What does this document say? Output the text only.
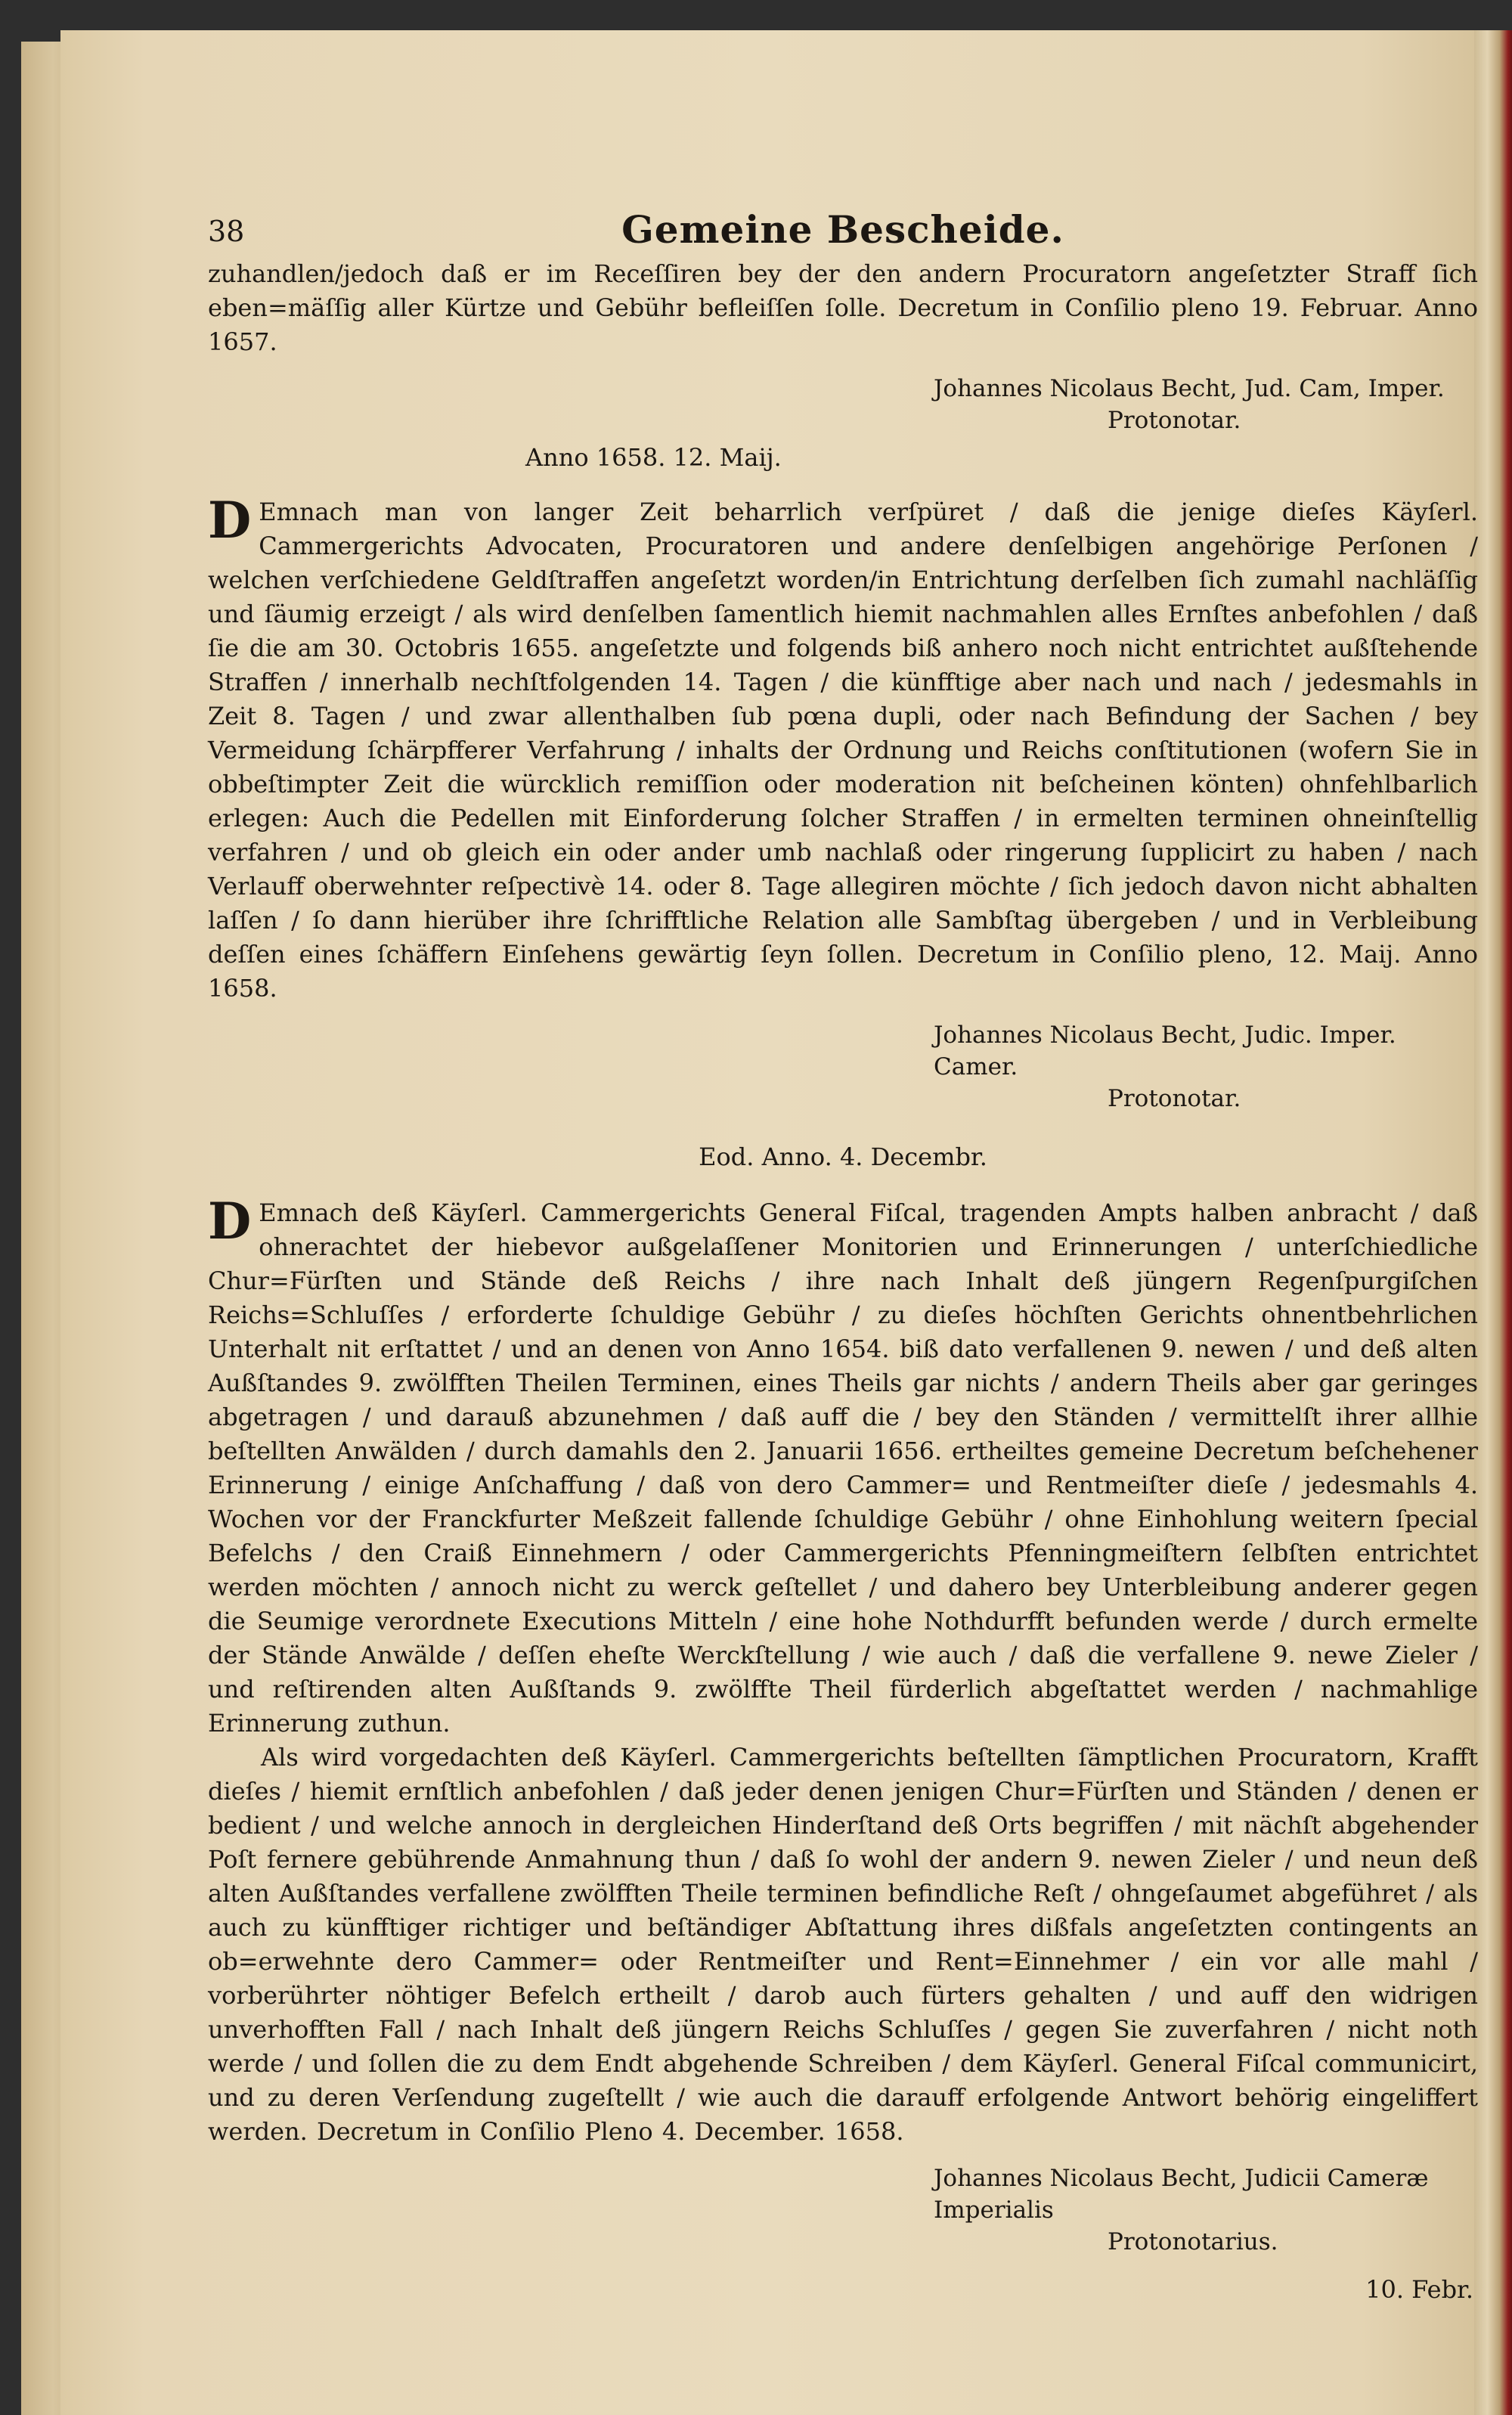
38	Gemeine Bescheide.

zuhandlen/jedoch daß er im Receſſiren bey der den andern Procuratorn angeſetzter Straff ſich eben=mäſſig aller Kürtze und Gebühr befleiſſen ſolle. Decretum in Conſilio pleno 19. Februar. Anno 1657.

Johannes Nicolaus Becht, Jud. Cam, Imper.
Protonotar.
Anno 1658. 12. Maij.

D Emnach man von langer Zeit beharrlich verſpüret / daß die jenige dieſes Käyſerl. Cammergerichts Advocaten, Procuratoren und andere denſelbigen angehörige Perſonen / welchen verſchiedene Geldſtraffen angeſetzt worden/in Entrichtung derſelben ſich zumahl nachläſſig und ſäumig erzeigt / als wird denſelben ſamentlich hiemit nachmahlen alles Ernſtes anbefohlen / daß ſie die am 30. Octobris 1655. angeſetzte und folgends biß anhero noch nicht entrichtet außſtehende Straffen / innerhalb nechſtfolgenden 14. Tagen / die künfftige aber nach und nach / jedesmahls in Zeit 8. Tagen / und zwar allenthalben ſub pœna dupli, oder nach Befindung der Sachen / bey Vermeidung ſchärpfferer Verfahrung / inhalts der Ordnung und Reichs conſtitutionen (wofern Sie in obbeſtimpter Zeit die würcklich remiſſion oder moderation nit beſcheinen könten) ohnfehlbarlich erlegen: Auch die Pedellen mit Einforderung ſolcher Straffen / in ermelten terminen ohneinſtellig verfahren / und ob gleich ein oder ander umb nachlaß oder ringerung ſupplicirt zu haben / nach Verlauff oberwehnter reſpectivè 14. oder 8. Tage allegiren möchte / ſich jedoch davon nicht abhalten laſſen / ſo dann hierüber ihre ſchrifftliche Relation alle Sambſtag übergeben / und in Verbleibung deſſen eines ſchäffern Einſehens gewärtig ſeyn ſollen. Decretum in Conſilio pleno, 12. Maij. Anno 1658.

Johannes Nicolaus Becht, Judic. Imper. Camer.
Protonotar.
Eod. Anno. 4. Decembr.

D Emnach deß Käyſerl. Cammergerichts General Fiſcal, tragenden Ampts halben anbracht / daß ohnerachtet der hiebevor außgelaſſener Monitorien und Erinnerungen / unterſchiedliche Chur=Fürſten und Stände deß Reichs / ihre nach Inhalt deß jüngern Regenſpurgiſchen Reichs=Schluſſes / erforderte ſchuldige Gebühr / zu dieſes höchſten Gerichts ohnentbehrlichen Unterhalt nit erſtattet / und an denen von Anno 1654. biß dato verfallenen 9. newen / und deß alten Außſtandes 9. zwölfften Theilen Terminen, eines Theils gar nichts / andern Theils aber gar geringes abgetragen / und darauß abzunehmen / daß auff die / bey den Ständen / vermittelſt ihrer allhie beſtellten Anwälden / durch damahls den 2. Januarii 1656. ertheiltes gemeine Decretum beſchehener Erinnerung / einige Anſchaffung / daß von dero Cammer= und Rentmeiſter dieſe / jedesmahls 4. Wochen vor der Franckfurter Meßzeit fallende ſchuldige Gebühr / ohne Einhohlung weitern ſpecial Befelchs / den Craiß Einnehmern / oder Cammergerichts Pfenningmeiſtern ſelbſten entrichtet werden möchten / annoch nicht zu werck geſtellet / und dahero bey Unterbleibung anderer gegen die Seumige verordnete Executions Mitteln / eine hohe Nothdurfft befunden werde / durch ermelte der Stände Anwälde / deſſen eheſte Werckſtellung / wie auch / daß die verfallene 9. newe Zieler / und reſtirenden alten Außſtands 9. zwölffte Theil fürderlich abgeſtattet werden / nachmahlige Erinnerung zuthun.

Als wird vorgedachten deß Käyſerl. Cammergerichts beſtellten ſämptlichen Procuratorn, Krafft dieſes / hiemit ernſtlich anbefohlen / daß jeder denen jenigen Chur=Fürſten und Ständen / denen er bedient / und welche annoch in dergleichen Hinderſtand deß Orts begriffen / mit nächſt abgehender Poſt fernere gebührende Anmahnung thun / daß ſo wohl der andern 9. newen Zieler / und neun deß alten Außſtandes verfallene zwölfften Theile terminen befindliche Reſt / ohngeſaumet abgeführet / als auch zu künfftiger richtiger und beſtändiger Abſtattung ihres dißfals angeſetzten contingents an ob=erwehnte dero Cammer= oder Rentmeiſter und Rent=Einnehmer / ein vor alle mahl / vorberührter nöhtiger Befelch ertheilt / darob auch fürters gehalten / und auff den widrigen unverhofften Fall / nach Inhalt deß jüngern Reichs Schluſſes / gegen Sie zuverfahren / nicht noth werde / und ſollen die zu dem Endt abgehende Schreiben / dem Käyſerl. General Fiſcal communicirt, und zu deren Verſendung zugeſtellt / wie auch die darauff erfolgende Antwort behörig eingeliffert werden. Decretum in Conſilio Pleno 4. December. 1658.

Johannes Nicolaus Becht, Judicii Cameræ Imperialis
Protonotarius.
10. Febr.
